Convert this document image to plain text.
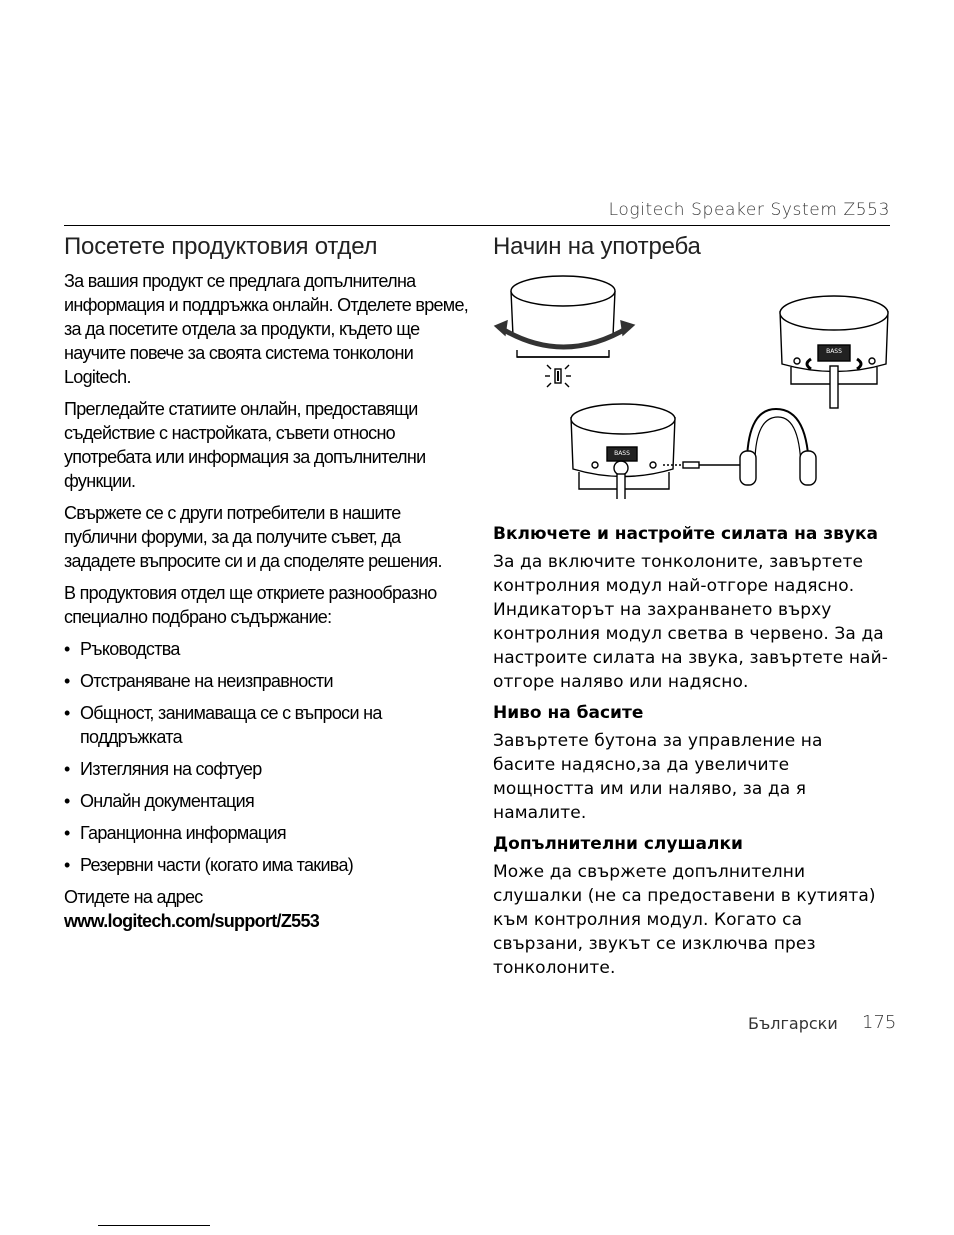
Logitech Speaker System Z553
Посетете продуктовия отдел

За вашия продукт се предлага допълнителна информация и поддръжка онлайн. Отделете време, за да посетите отдела за продукти, където ще научите повече за своята система тонколони Logitech.

Прегледайте статиите онлайн, предоставящи съдействие с настройката, съвети относно употребата или информация за допълнителни функции.

Свържете се с други потребители в нашите публични форуми, за да получите съвет, да зададете въпросите си и да споделяте решения.

В продуктовия отдел ще откриете разнообразно специално подбрано съдържание:

• Ръководства
• Отстраняване на неизправности
• Общност, занимаваща се с въпроси на поддръжката
• Изтегляния на софтуер
• Онлайн документация
• Гаранционна информация
• Резервни части (когато има такива)
Отидете на адрес
www.logitech.com/support/Z553
Начин на употреба
BASS
BASS
Включете и настройте силата на звука

За да включите тонколоните, завъртете контролния модул най-отгоре надясно. Индикаторът на захранването върху контролния модул светва в червено. За да настроите силата на звука, завъртете най-отгоре наляво или надясно.

Ниво на басите

Завъртете бутона за управление на басите надясно,за да увеличите мощността им или наляво, за да я намалите.

Допълнителни слушалки

Може да свържете допълнителни слушалки (не са предоставени в кутията) към контролния модул. Когато са свързани, звукът се изключва през тонколоните.

Български 175
